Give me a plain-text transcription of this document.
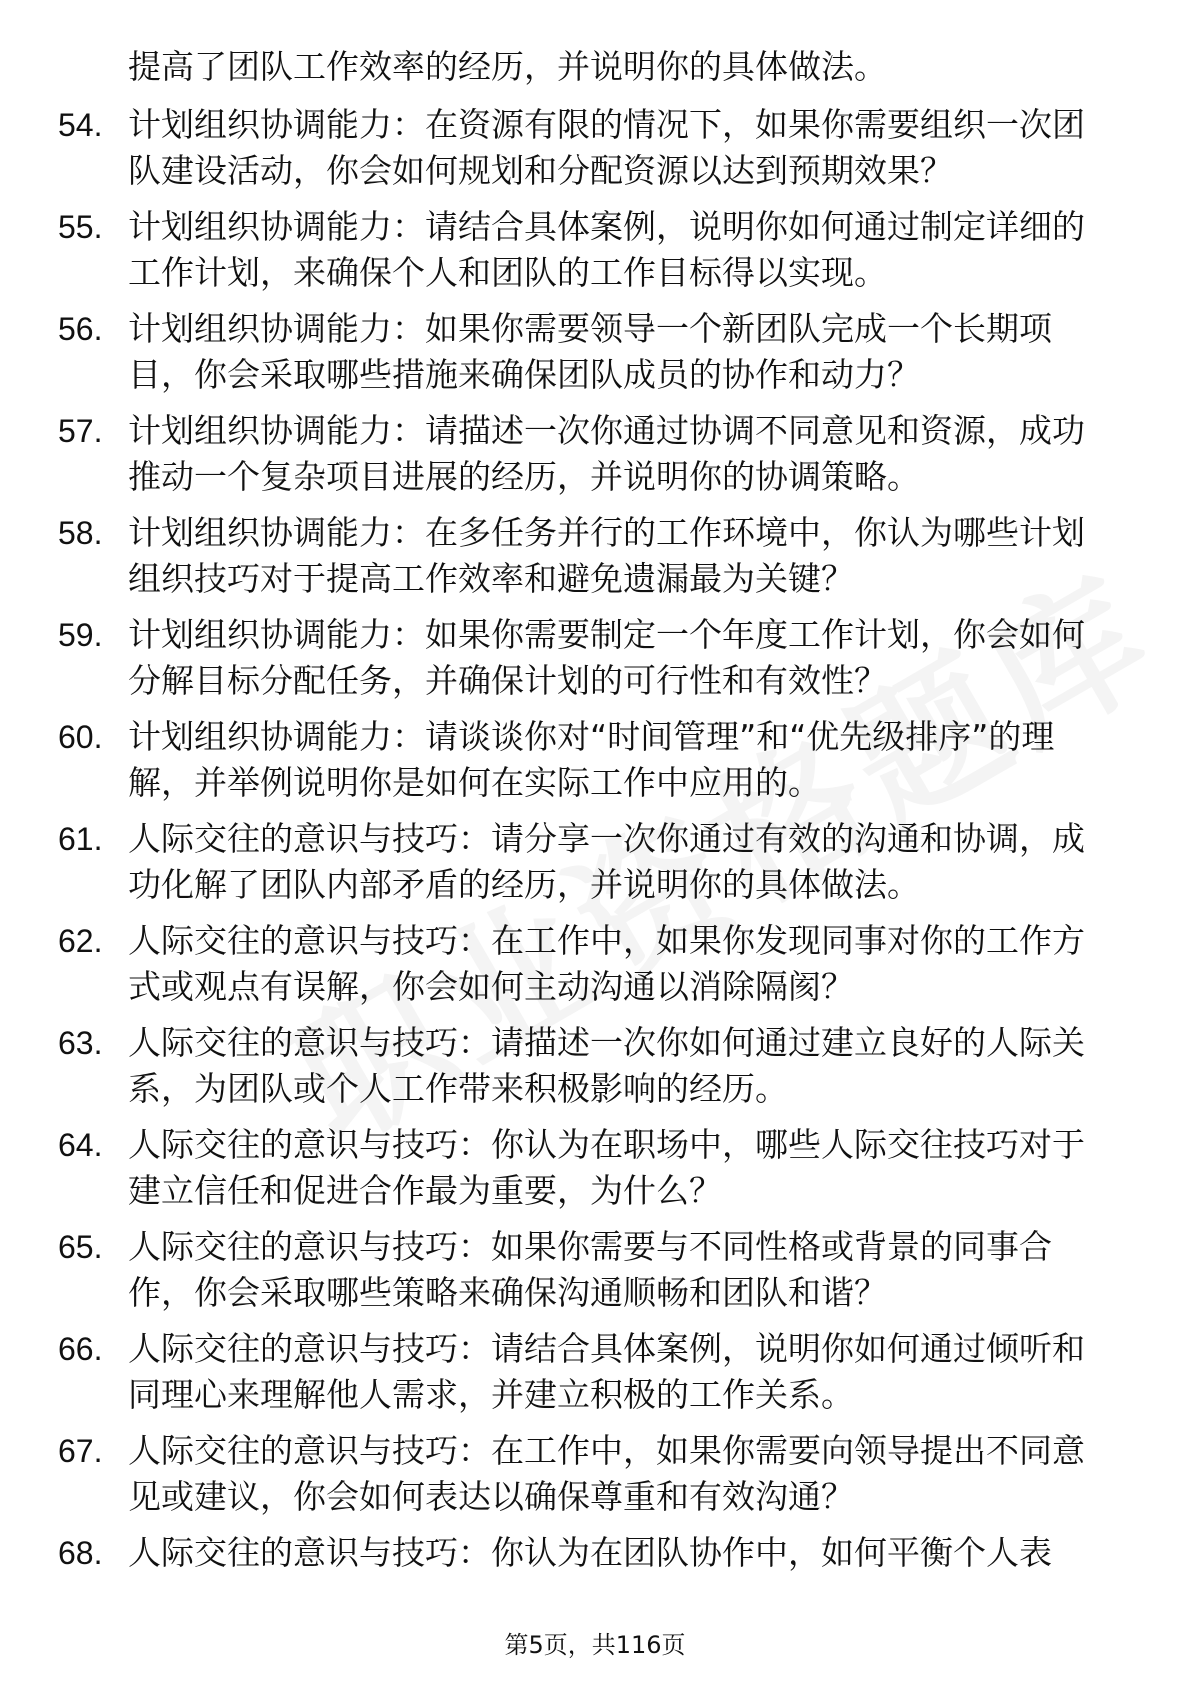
提高了团队工作效率的经历，并说明你的具体做法。
54. 计划组织协调能力：在资源有限的情况下，如果你需要组织一次团队建设活动，你会如何规划和分配资源以达到预期效果？
55. 计划组织协调能力：请结合具体案例，说明你如何通过制定详细的工作计划，来确保个人和团队的工作目标得以实现。
56. 计划组织协调能力：如果你需要领导一个新团队完成一个长期项目，你会采取哪些措施来确保团队成员的协作和动力？
57. 计划组织协调能力：请描述一次你通过协调不同意见和资源，成功推动一个复杂项目进展的经历，并说明你的协调策略。
58. 计划组织协调能力：在多任务并行的工作环境中，你认为哪些计划组织技巧对于提高工作效率和避免遗漏最为关键？
59. 计划组织协调能力：如果你需要制定一个年度工作计划，你会如何分解目标分配任务，并确保计划的可行性和有效性？
60. 计划组织协调能力：请谈谈你对“时间管理”和“优先级排序”的理解，并举例说明你是如何在实际工作中应用的。
61. 人际交往的意识与技巧：请分享一次你通过有效的沟通和协调，成功化解了团队内部矛盾的经历，并说明你的具体做法。
62. 人际交往的意识与技巧：在工作中，如果你发现同事对你的工作方式或观点有误解，你会如何主动沟通以消除隔阂？
63. 人际交往的意识与技巧：请描述一次你如何通过建立良好的人际关系，为团队或个人工作带来积极影响的经历。
64. 人际交往的意识与技巧：你认为在职场中，哪些人际交往技巧对于建立信任和促进合作最为重要，为什么？
65. 人际交往的意识与技巧：如果你需要与不同性格或背景的同事合作，你会采取哪些策略来确保沟通顺畅和团队和谐？
66. 人际交往的意识与技巧：请结合具体案例，说明你如何通过倾听和同理心来理解他人需求，并建立积极的工作关系。
67. 人际交往的意识与技巧：在工作中，如果你需要向领导提出不同意见或建议，你会如何表达以确保尊重和有效沟通？
68. 人际交往的意识与技巧：你认为在团队协作中，如何平衡个人表
第5页，共116页
